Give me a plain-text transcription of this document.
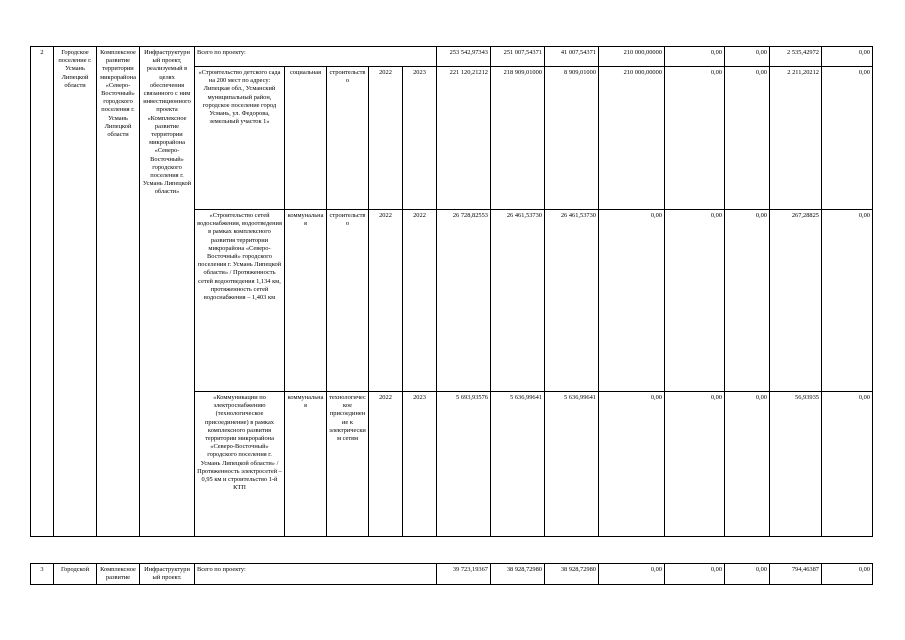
2	Городское поселение г. Усмань Липецкой области	Комплексное развитие территории микрорайона «Северо-Восточный» городского поселения г. Усмань Липецкой области	Инфраструктурный проект, реализуемый в целях обеспечения связанного с ним инвестиционного проекта «Комплексное развитие территории микрорайона «Северо-Восточный» городского поселения г. Усмань Липецкой области»	Всего по проекту:					253 542,97343	251 007,54371	41 007,54371	210 000,00000	0,00	0,00	2 535,42972	0,00
				«Строительство детского сада на 200 мест по адресу: Липецкая обл., Усманский муниципальный район, городское поселение город Усмань, ул. Федорова, земельный участок 1»	социальная	строительство	2022	2023	221 120,21212	218 909,01000	8 909,01000	210 000,00000	0,00	0,00	2 211,20212	0,00
				«Строительство сетей водоснабжения, водоотведения в рамках комплексного развития территории микрорайона «Северо-Восточный» городского поселения г. Усмань Липецкой области» / Протяженность сетей водоотведения 1,134 км, протяженность сетей водоснабжения – 1,403 км	коммунальная	строительство	2022	2022	26 728,82553	26 461,53730	26 461,53730	0,00	0,00	0,00	267,28825	0,00
				«Коммуникации по электроснабжению (технологическое присоединение) в рамках комплексного развития территории микрорайона «Северо-Восточный» городского поселения г. Усмань Липецкой области» / Протяженность электросетей – 0,95 км и строительство 1-й КТП	коммунальная	технологическое присоединение к электрическим сетям	2022	2023	5 693,93576	5 636,99641	5 636,99641	0,00	0,00	0,00	56,93935	0,00
3	Городской	Комплексное развитие	Инфраструктурный проект.	Всего по проекту:	39 723,19367	38 928,72980	38 928,72980	0,00	0,00	0,00	794,46387	0,00
